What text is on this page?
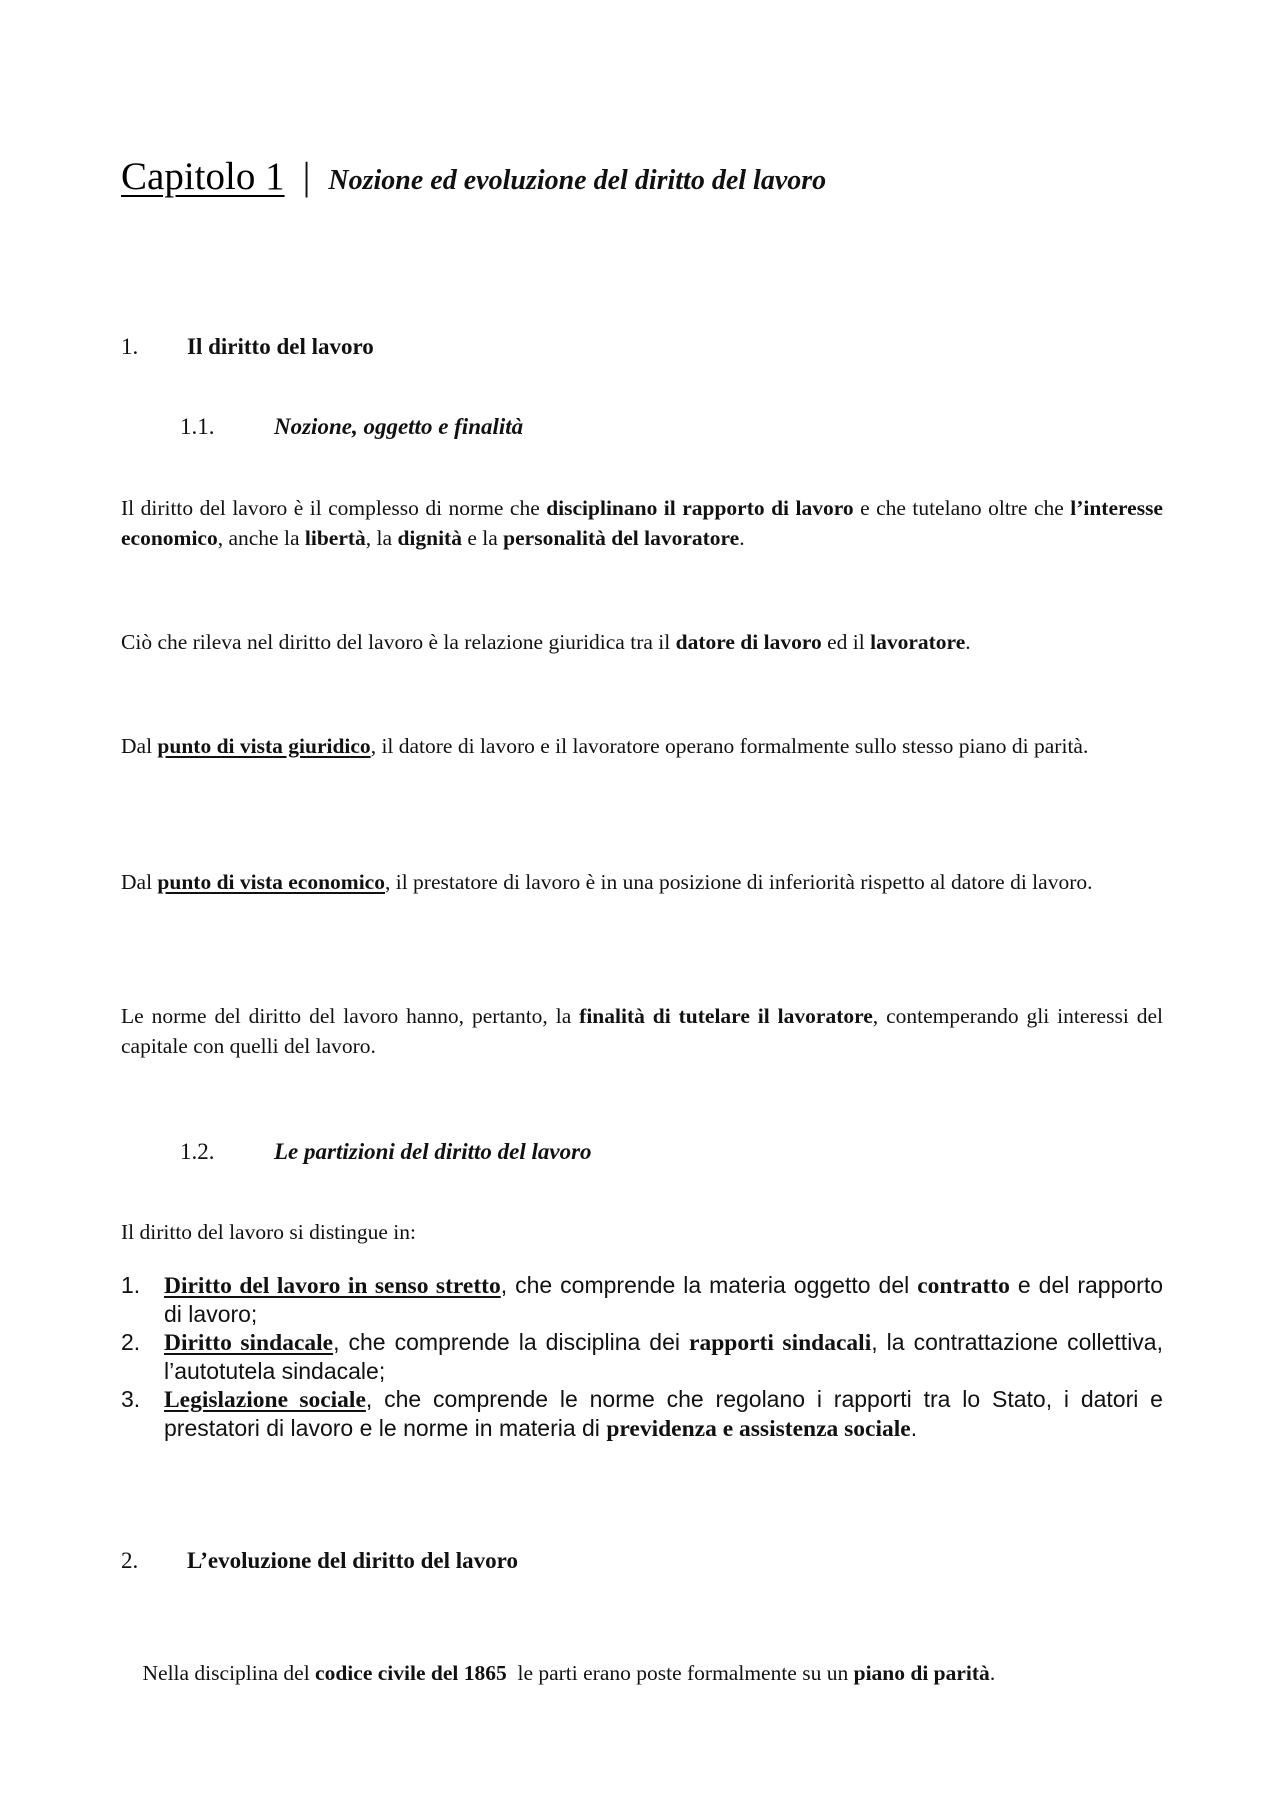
Capitolo 1 | Nozione ed evoluzione del diritto del lavoro
1. Il diritto del lavoro
1.1.	Nozione, oggetto e finalità
Il diritto del lavoro è il complesso di norme che disciplinano il rapporto di lavoro e che tutelano oltre che l’interesse economico, anche la libertà, la dignità e la personalità del lavoratore.
Ciò che rileva nel diritto del lavoro è la relazione giuridica tra il datore di lavoro ed il lavoratore.
Dal punto di vista giuridico, il datore di lavoro e il lavoratore operano formalmente sullo stesso piano di parità.
Dal punto di vista economico, il prestatore di lavoro è in una posizione di inferiorità rispetto al datore di lavoro.
Le norme del diritto del lavoro hanno, pertanto, la finalità di tutelare il lavoratore, contemperando gli interessi del capitale con quelli del lavoro.
1.2.	Le partizioni del diritto del lavoro
Il diritto del lavoro si distingue in:
1. Diritto del lavoro in senso stretto, che comprende la materia oggetto del contratto e del rapporto di lavoro;
2. Diritto sindacale, che comprende la disciplina dei rapporti sindacali, la contrattazione collettiva, l’autotutela sindacale;
3. Legislazione sociale, che comprende le norme che regolano i rapporti tra lo Stato, i datori e prestatori di lavoro e le norme in materia di previdenza e assistenza sociale.
2. L’evoluzione del diritto del lavoro

Nella disciplina del codice civile del 1865  le parti erano poste formalmente su un piano di parità.
